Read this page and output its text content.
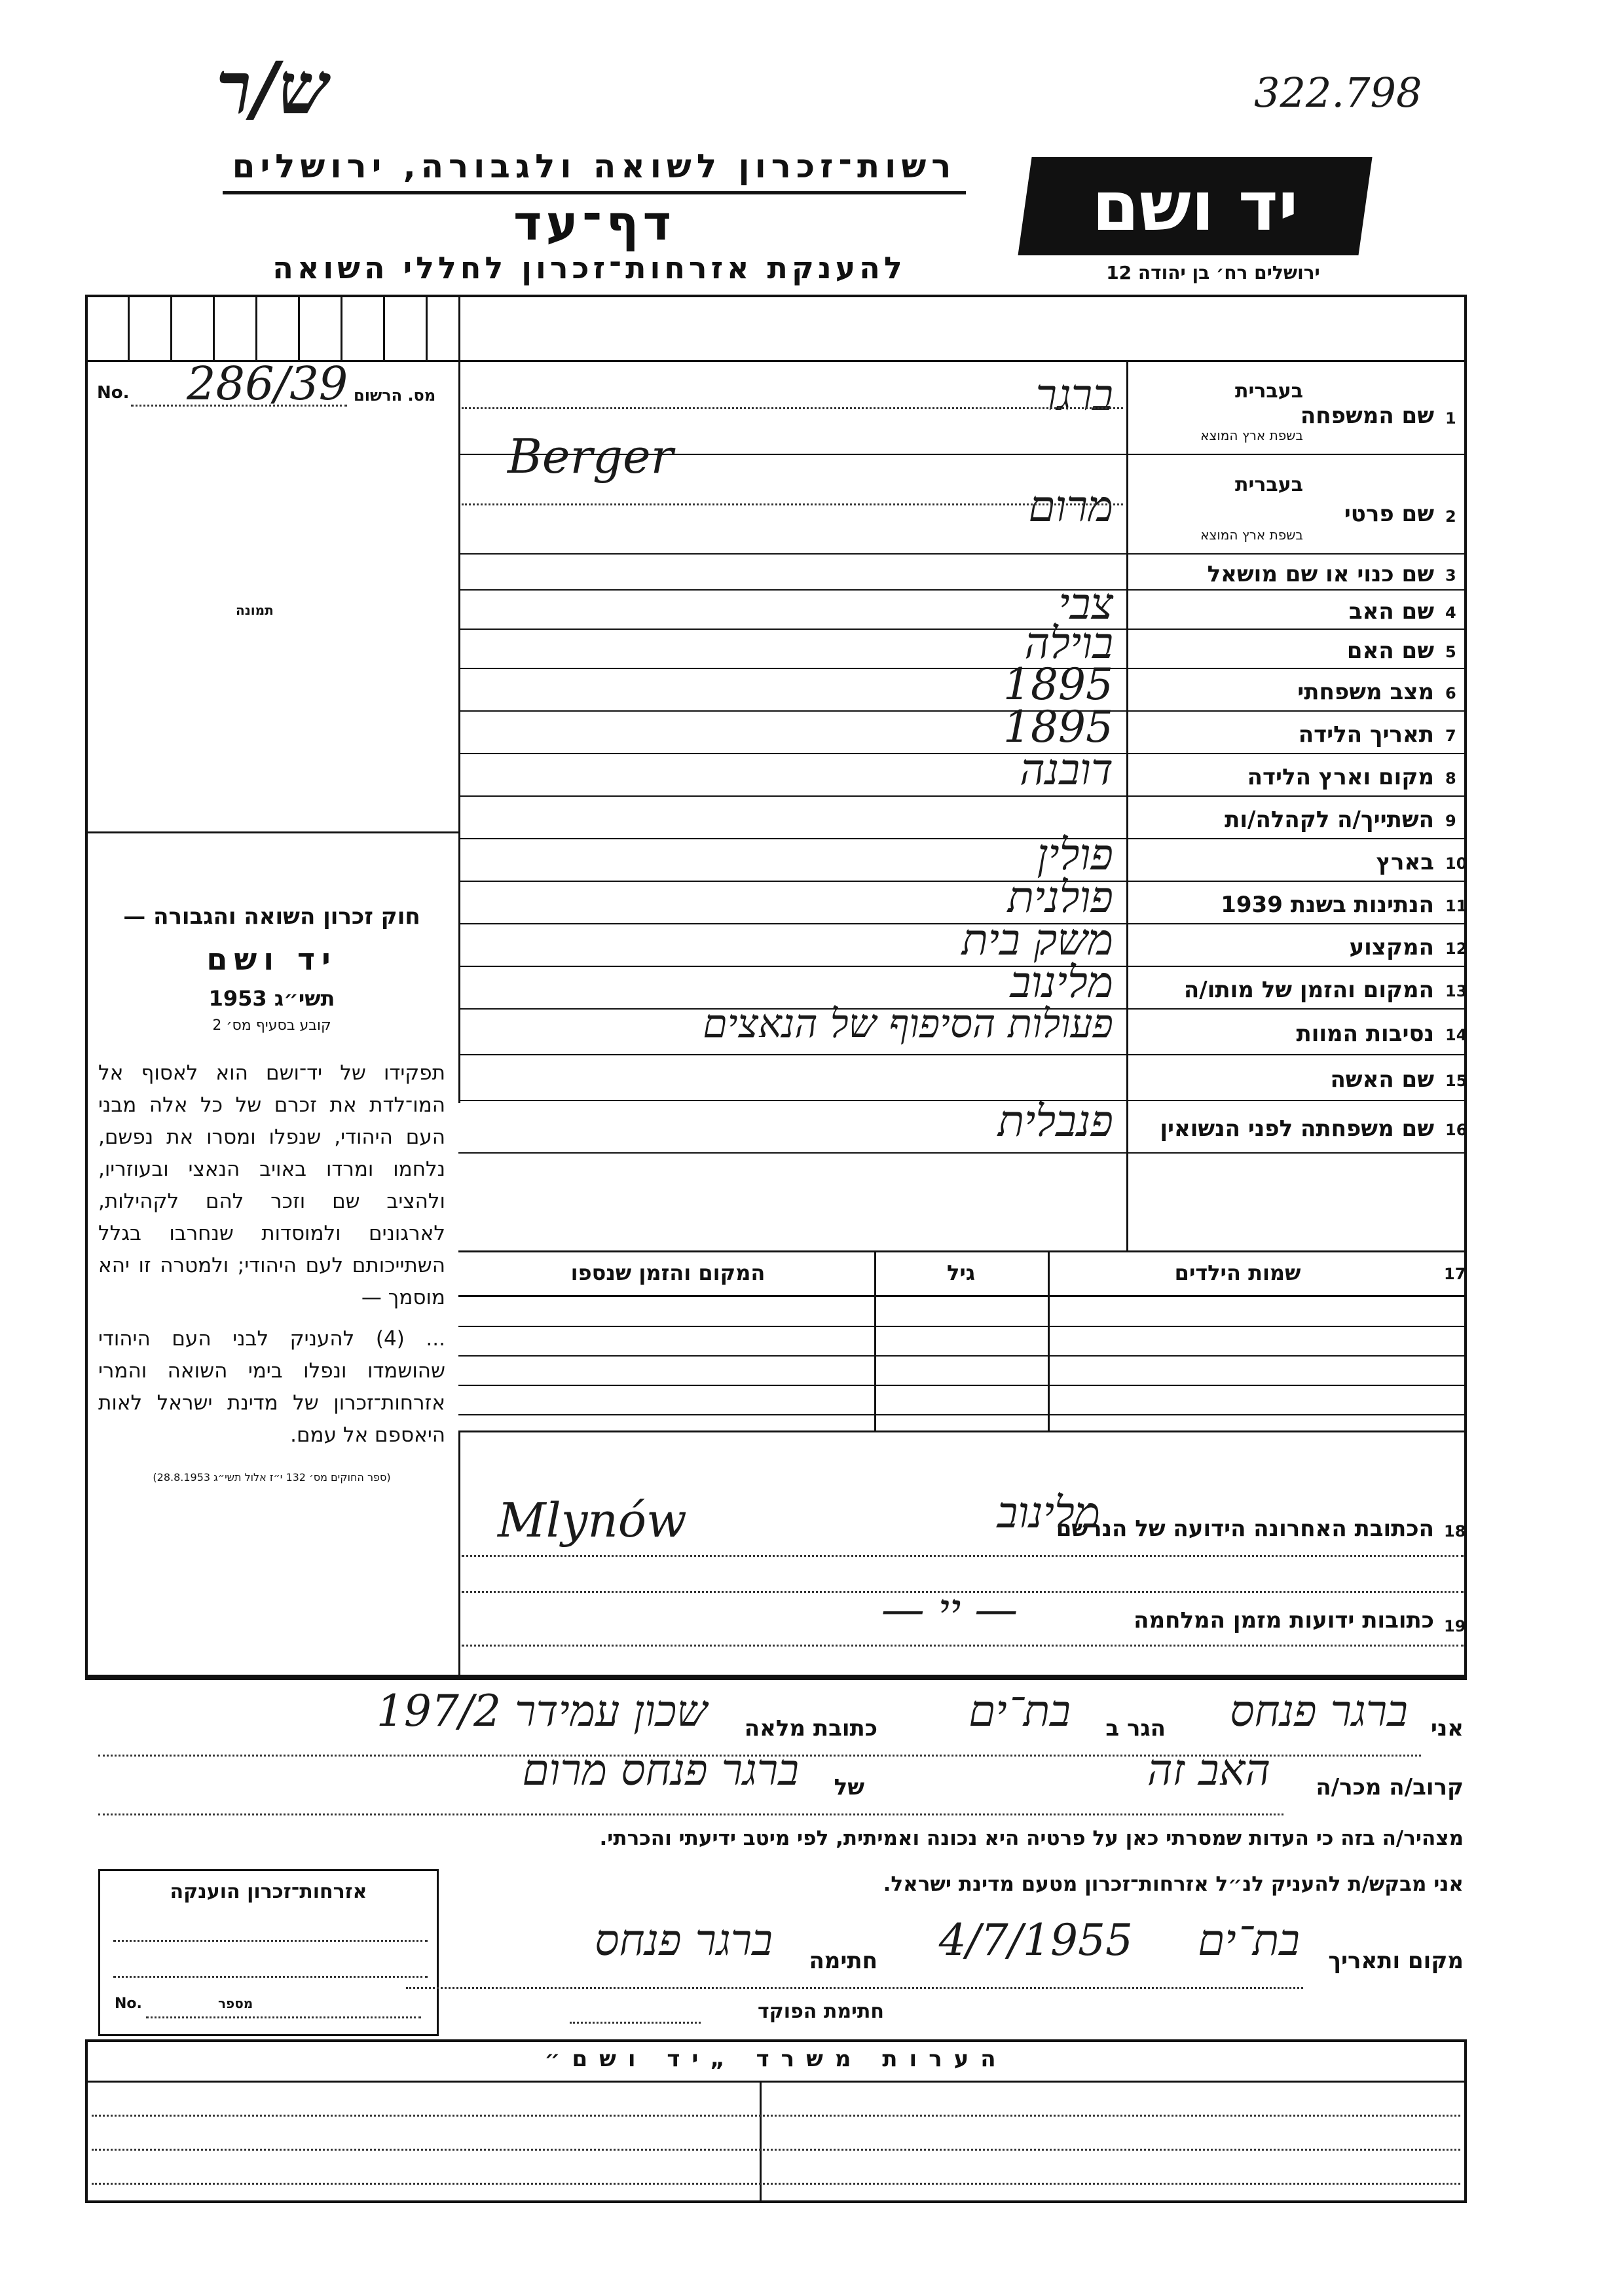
ש/ר	322.798
רשות־זכרון לשואה ולגבורה, ירושלים
דף־עד
להענקת אזרחות־זכרון לחללי השואה
יד ושם
ירושלים רח׳ בן יהודה 12
No. 286/39 מס. הרשום
תמונה
1
שם המשפחה
ברגר
2
שם פרטי
מרום
3
שם כנוי או שם מושאל
4
שם האב
צבי
5
שם האם
בוילה
6
מצב משפחתי
1895
7
תאריך הלידה
1895
8
מקום וארץ הלידה
דובנה
9
השתייך/ה לקהלה/ות
10
בארץ
פולין
11
הנתינות בשנת 1939
פולנית
12
המקצוע
משק בית
13
המקום והזמן של מותו/ה
מלינוב
14
נסיבות המוות
פעולות הסיפוף של הנאצים
15
שם האשה
16
שם משפחתה לפני הנשואין
פנבלית
בעברית
בשפת ארץ המוצא
בעברית
בשפת ארץ המוצא
Berger
חוק זכרון השואה והגבורה —
יד ושם
תשי״ג 1953
קובע בסעיף מס׳ 2
תפקידו של יד־ושם הוא לאסוף אל המו־לדת את זכרם של כל אלה מבני העם היהודי, שנפלו ומסרו את נפשם, נלחמו ומרדו באויב הנאצי ובעוזריו, ולהציב שם וזכר להם לקהילות, לארגונים ולמוסדות שנחרבו בגלל השתייכותם לעם היהודי; ולמטרה זו יהא מוסמך —
... (4) להעניק לבני העם היהודי שהושמדו ונפלו בימי השואה והמרי אזרחות־זכרון של מדינת ישראל לאות היאספם אל עמם.
(ספר החוקים מס׳ 132 י״ז אלול תשי״ג 28.8.1953)
17
שמות הילדים
גיל
המקום והזמן שנספו
18
הכתובת האחרונה הידועה של הנרשם
מלינוב
Mlynów
19
כתובות ידועות מזמן המלחמה
— יי —
אני
ברגר פנחס
הגר ב
בת־ים
כתובת מלאה
שכון עמידר 197/2
קרוב/ה מכר/ה
האב זה
של
ברגר פנחס מרום
מצהיר/ה בזה כי העדות שמסרתי כאן על פרטיה היא נכונה ואמיתית, לפי מיטב ידיעתי והכרתי.
אני מבקש/ת להעניק לנ״ל אזרחות־זכרון מטעם מדינת ישראל.
אזרחות־זכרון הוענקה
No.	מספר
מקום ותאריך
בת־ים
4/7/1955
חתימה
ברגר פנחס
חתימת הפוקד
הערות משרד „יד ושם״
